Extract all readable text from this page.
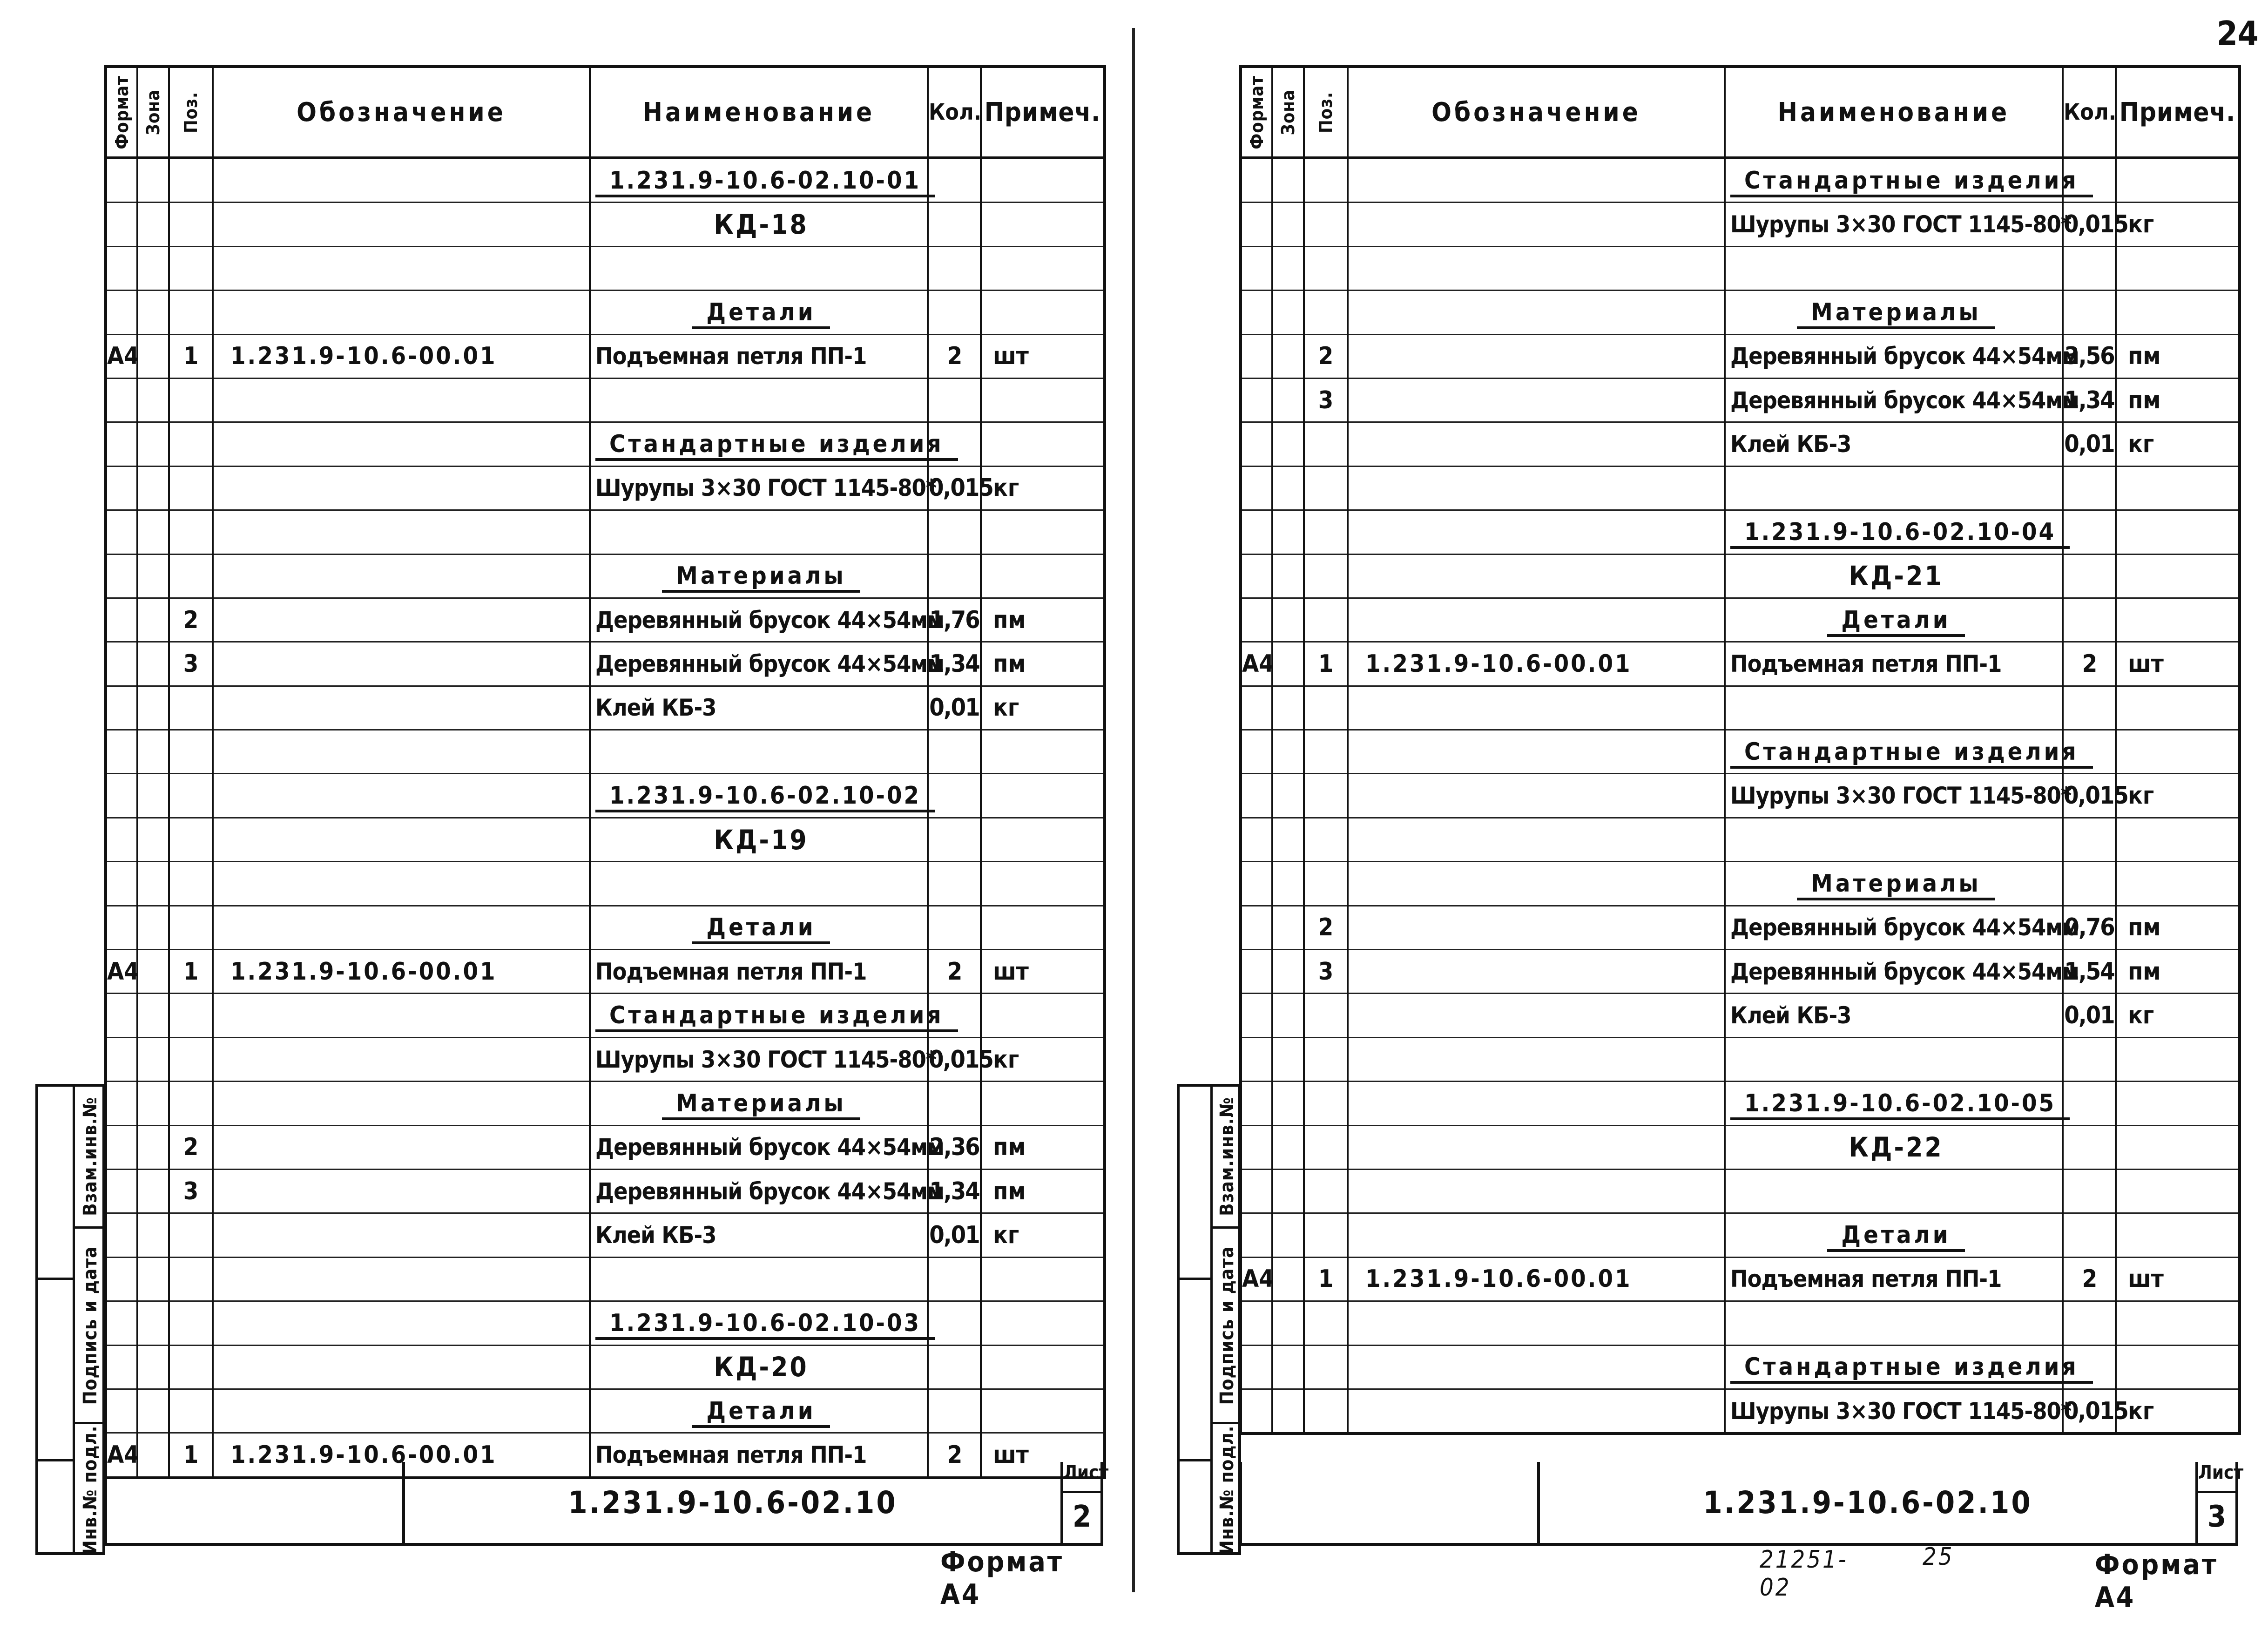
24
Формат	Зона	Поз.	Обозначение	Наименование	Кол.	Примеч.
				1.231.9-10.6-02.10-01		
				КД-18		

				Детали		
А4		1	1.231.9-10.6-00.01	Подъемная петля ПП-1	2	шт

				Стандартные изделия		
				Шурупы 3×30 ГОСТ 1145-80*	0,015	кг

				Материалы		
		2		Деревянный брусок 44×54мм	1,76	пм
		3		Деревянный брусок 44×54мм	1,34	пм
				Клей КБ-3	0,01	кг

				1.231.9-10.6-02.10-02		
				КД-19		

				Детали		
А4		1	1.231.9-10.6-00.01	Подъемная петля ПП-1	2	шт
				Стандартные изделия		
				Шурупы 3×30 ГОСТ 1145-80*	0,015	кг
				Материалы		
		2		Деревянный брусок 44×54мм	2,36	пм
		3		Деревянный брусок 44×54мм	1,34	пм
				Клей КБ-3	0,01	кг

				1.231.9-10.6-02.10-03		
				КД-20		
				Детали		
А4		1	1.231.9-10.6-00.01	Подъемная петля ПП-1	2	шт
Взам.инв.№
Подпись и дата
Инв.№ подл.	1.231.9-10.6-02.10
Лист
2
Формат А4
Формат	Зона	Поз.	Обозначение	Наименование	Кол.	Примеч.
				Стандартные изделия		
				Шурупы 3×30 ГОСТ 1145-80*	0,015	кг

				Материалы		
		2		Деревянный брусок 44×54мм	3,56	пм
		3		Деревянный брусок 44×54мм	1,34	пм
				Клей КБ-3	0,01	кг

				1.231.9-10.6-02.10-04		
				КД-21		
				Детали		
А4		1	1.231.9-10.6-00.01	Подъемная петля ПП-1	2	шт

				Стандартные изделия		
				Шурупы 3×30 ГОСТ 1145-80*	0,015	кг

				Материалы		
		2		Деревянный брусок 44×54мм	0,76	пм
		3		Деревянный брусок 44×54мм	1,54	пм
				Клей КБ-3	0,01	кг

				1.231.9-10.6-02.10-05		
				КД-22		

				Детали		
А4		1	1.231.9-10.6-00.01	Подъемная петля ПП-1	2	шт

				Стандартные изделия		
				Шурупы 3×30 ГОСТ 1145-80*	0,015	кг
Взам.инв.№
Подпись и дата
Инв.№ подл.	1.231.9-10.6-02.10
Лист
3
21251-02
25	Формат А4
